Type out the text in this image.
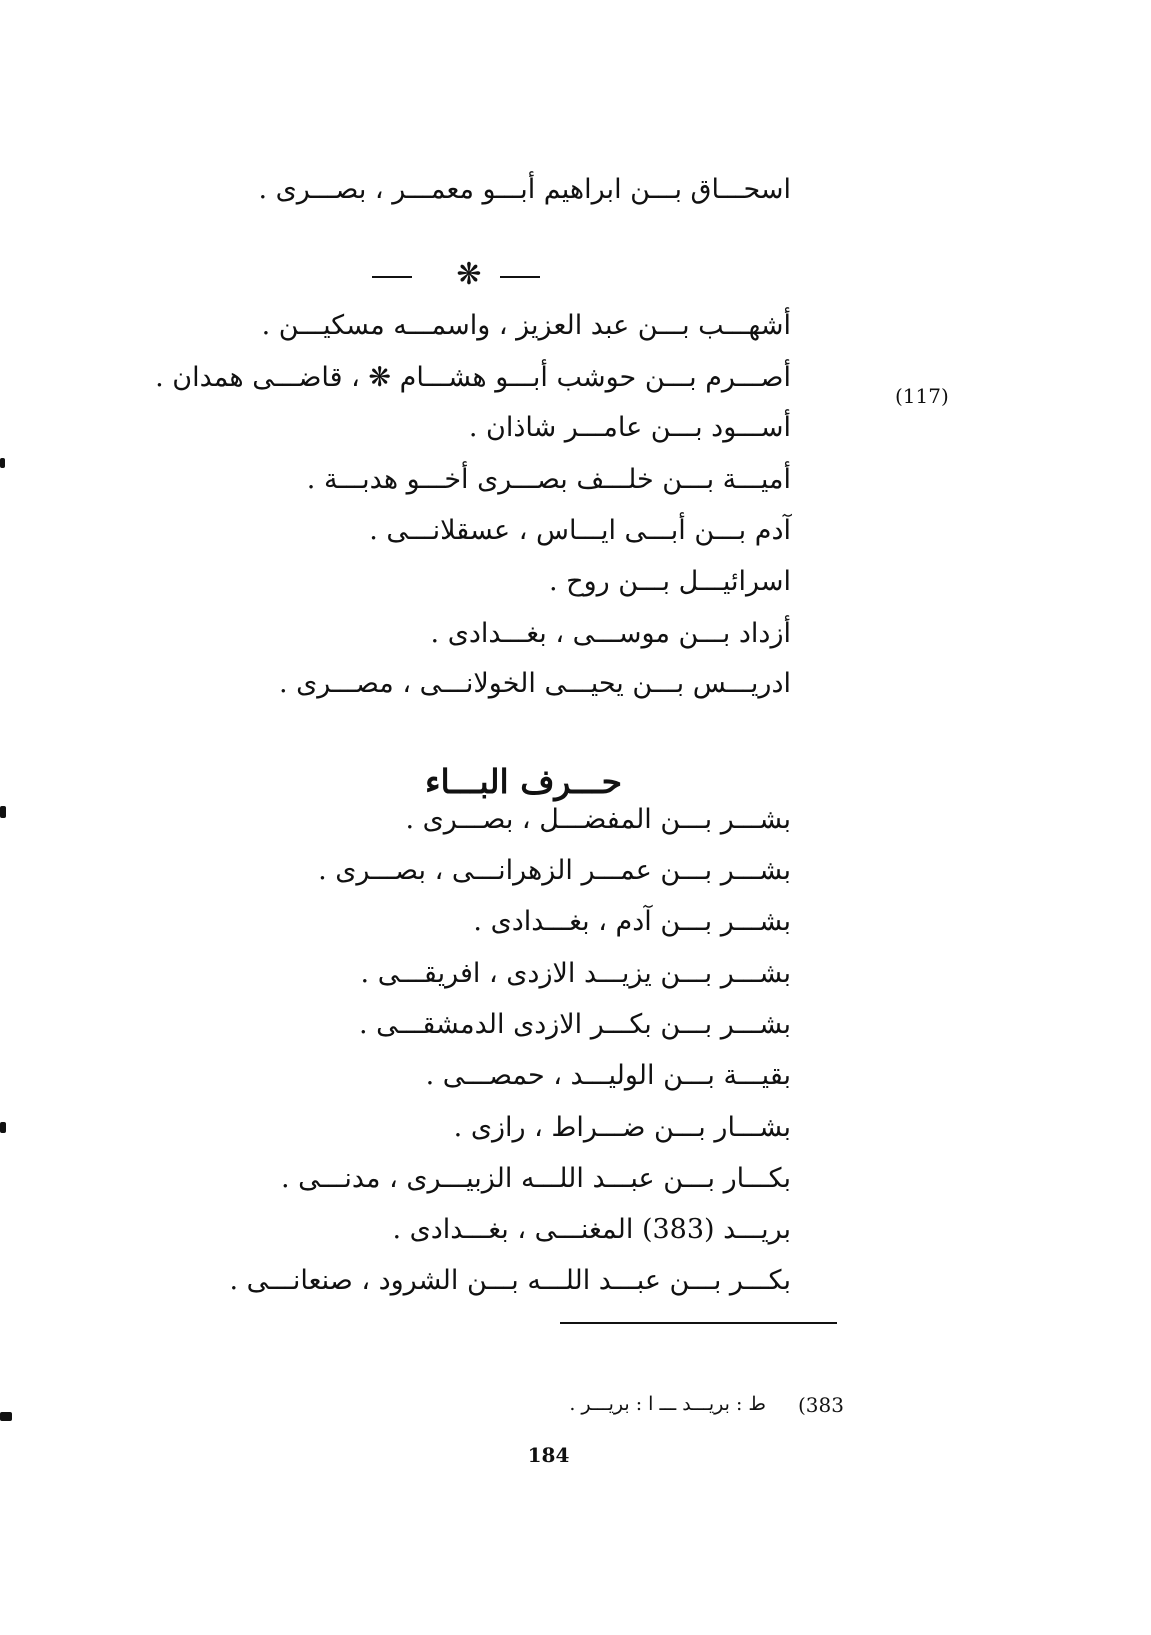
اسحـــاق بـــن ابراهيم أبـــو معمـــر ، بصـــرى .
❋
أشهـــب بـــن عبد العزيز ، واسمـــه مسكيـــن .
أصـــرم بـــن حوشب أبـــو هشـــام ❋ ، قاضـــى همدان .
(117)
أســـود بـــن عامـــر شاذان .
أميـــة بـــن خلـــف بصـــرى أخـــو هدبـــة .
آدم بـــن أبـــى ايـــاس ، عسقلانـــى .
اسرائيـــل بـــن روح .
أزداد بـــن موســـى ، بغـــدادى .
ادريـــس بـــن يحيـــى الخولانـــى ، مصـــرى .
حـــرف البـــاء
بشـــر بـــن المفضـــل ، بصـــرى .
بشـــر بـــن عمـــر الزهرانـــى ، بصـــرى .
بشـــر بـــن آدم ، بغـــدادى .
بشـــر بـــن يزيـــد الازدى ، افريقـــى .
بشـــر بـــن بكـــر الازدى الدمشقـــى .
بقيـــة بـــن الوليـــد ، حمصـــى .
بشـــار بـــن ضـــراط ، رازى .
بكـــار بـــن عبـــد اللـــه الزبيـــرى ، مدنـــى .
بريـــد (383) المغنـــى ، بغـــدادى .
بكـــر بـــن عبـــد اللـــه بـــن الشرود ، صنعانـــى .
(383
ط : بريـــد ـــ ا : بريـــر .
184
